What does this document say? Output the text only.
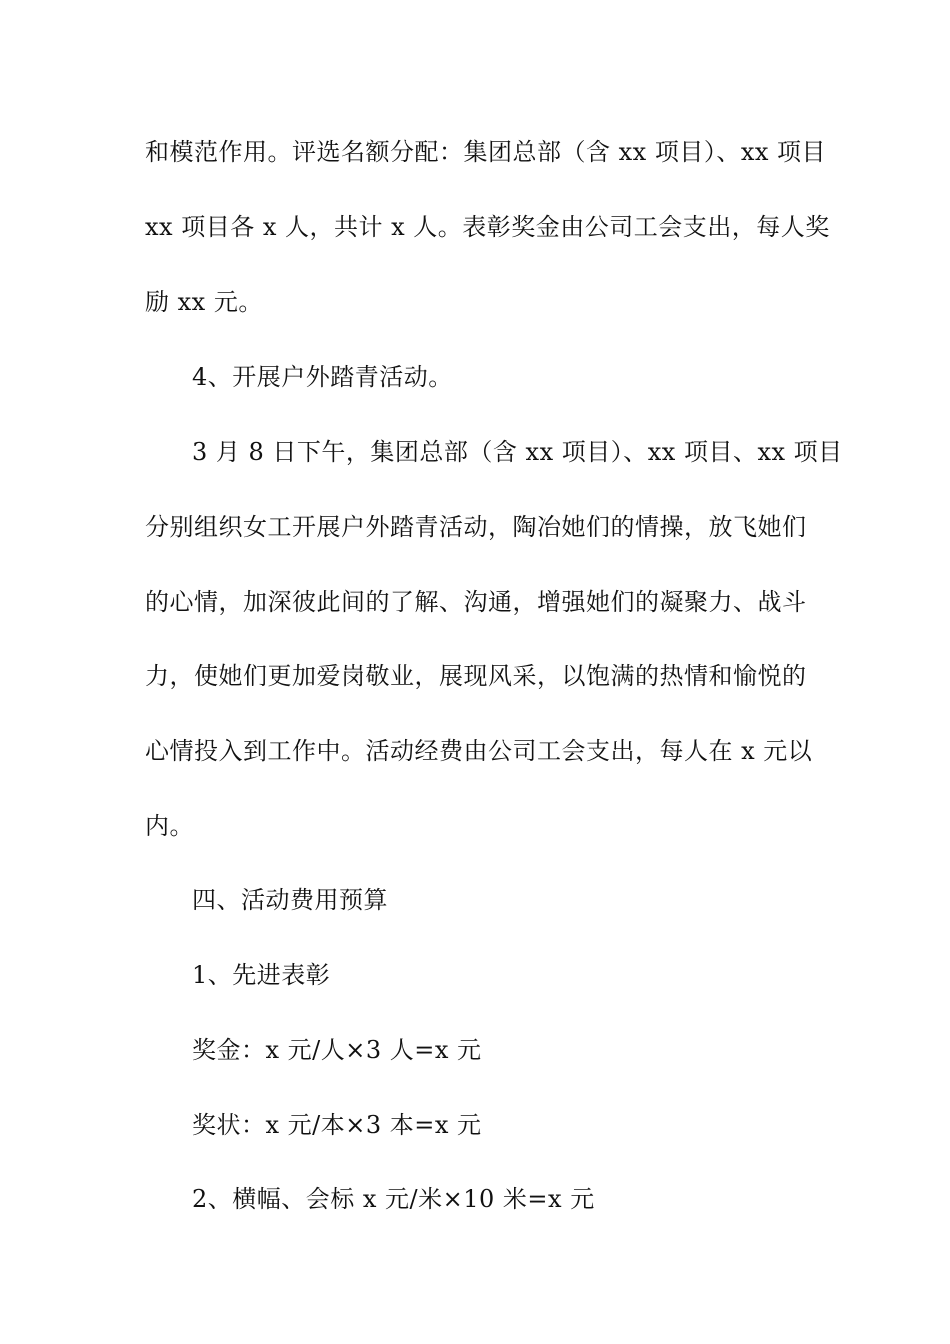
和模范作用。评选名额分配：集团总部（含 xx 项目）、xx 项目
xx 项目各 x 人，共计 x 人。表彰奖金由公司工会支出，每人奖
励 xx 元。
4、开展户外踏青活动。
3 月 8 日下午，集团总部（含 xx 项目）、xx 项目、xx 项目
分别组织女工开展户外踏青活动，陶冶她们的情操，放飞她们
的心情，加深彼此间的了解、沟通，增强她们的凝聚力、战斗
力，使她们更加爱岗敬业，展现风采，以饱满的热情和愉悦的
心情投入到工作中。活动经费由公司工会支出，每人在 x 元以
内。
四、活动费用预算
1、先进表彰
奖金：x 元/人×3 人=x 元
奖状：x 元/本×3 本=x 元
2、横幅、会标 x 元/米×10 米=x 元
